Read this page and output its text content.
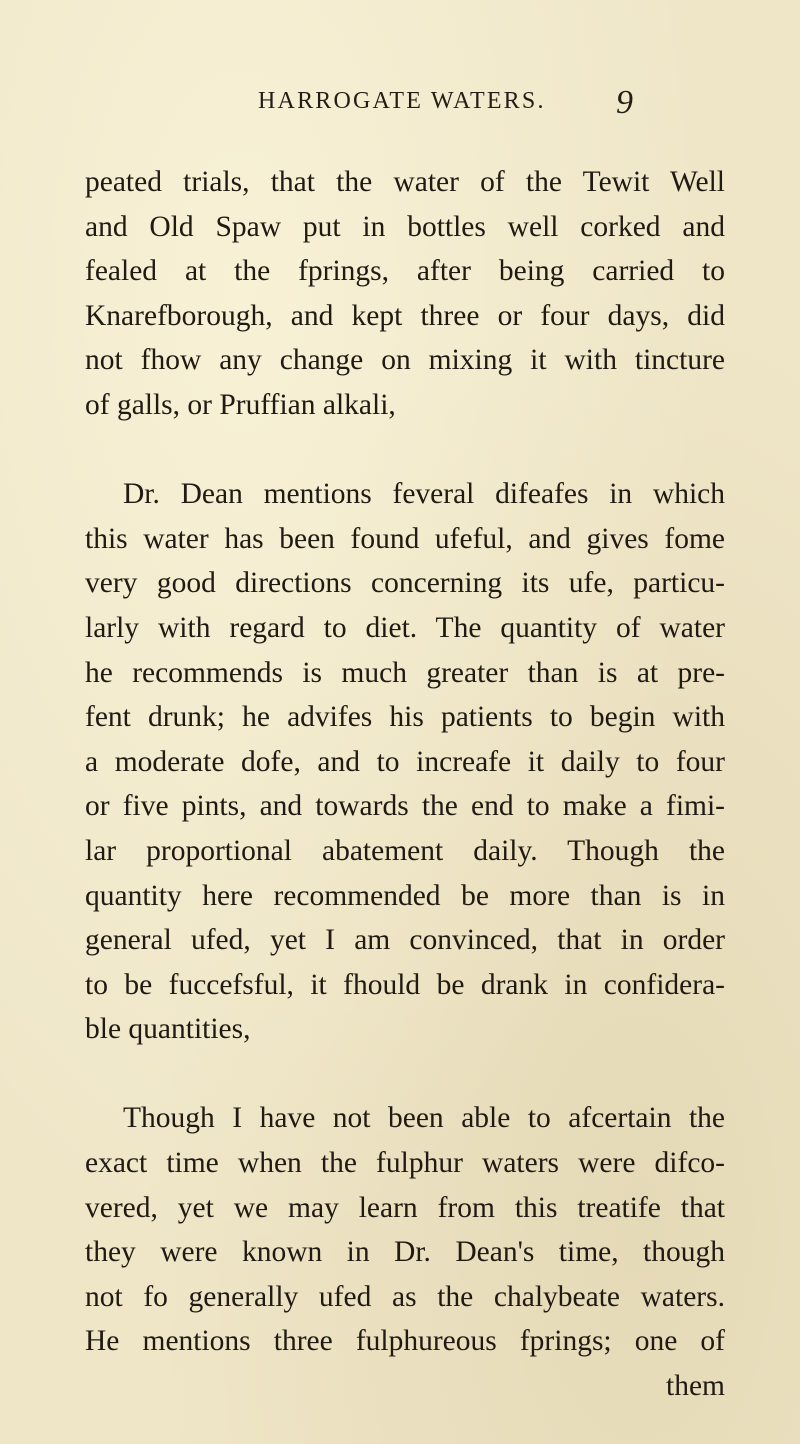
HARROGATE WATERS. 9
peated trials, that the water of the Tewit Well
and Old Spaw put in bottles well corked and
fealed at the fprings, after being carried to
Knarefborough, and kept three or four days, did
not fhow any change on mixing it with tincture
of galls, or Pruffian alkali,
Dr. Dean mentions feveral difeafes in which
this water has been found ufeful, and gives fome
very good directions concerning its ufe, particu-
larly with regard to diet. The quantity of water
he recommends is much greater than is at pre-
fent drunk; he advifes his patients to begin with
a moderate dofe, and to increafe it daily to four
or five pints, and towards the end to make a fimi-
lar proportional abatement daily. Though the
quantity here recommended be more than is in
general ufed, yet I am convinced, that in order
to be fuccefsful, it fhould be drank in confidera-
ble quantities,
Though I have not been able to afcertain the
exact time when the fulphur waters were difco-
vered, yet we may learn from this treatife that
they were known in Dr. Dean's time, though
not fo generally ufed as the chalybeate waters.
He mentions three fulphureous fprings; one of
them
